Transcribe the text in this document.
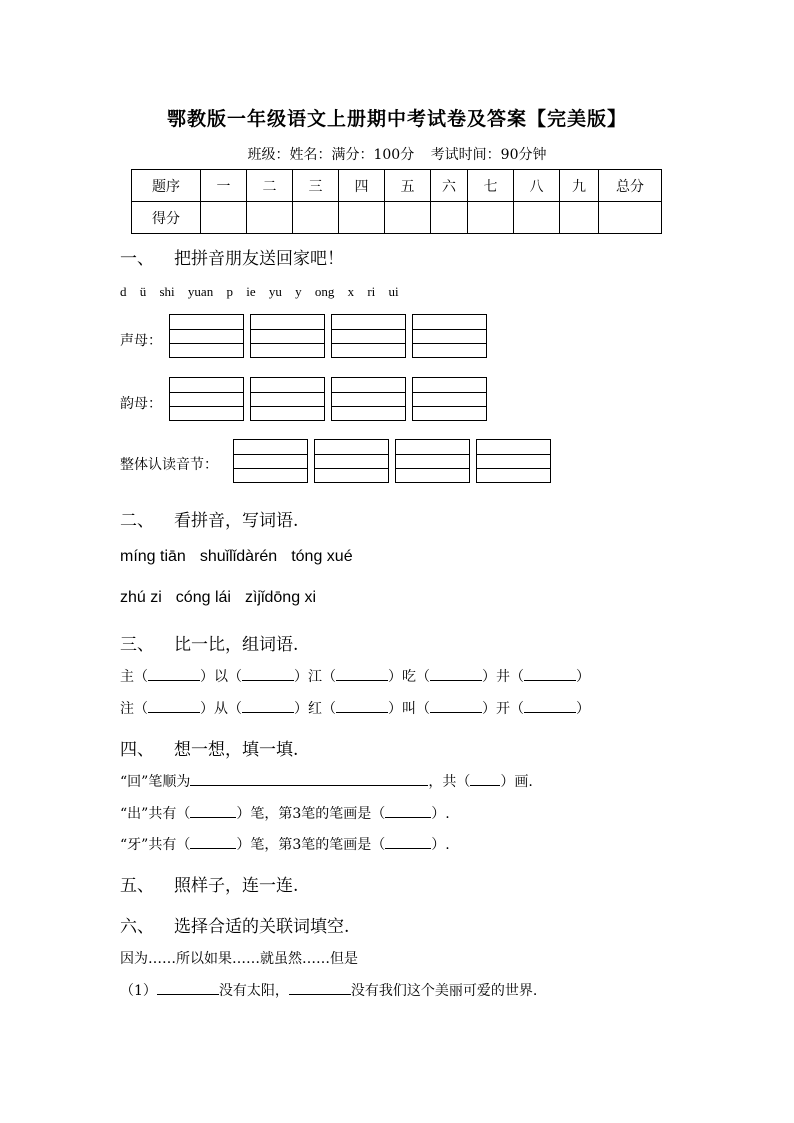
鄂教版一年级语文上册期中考试卷及答案【完美版】
班级：姓名：满分：100分 考试时间：90分钟
题序	一	二	三	四	五	六	七	八	九	总分
得分										
一、 把拼音朋友送回家吧！
d ü shi yuan p ie yu y ong x ri ui
声母：
韵母：
整体认读音节：
二、 看拼音，写词语.
míng tiān shuǐlǐdàrén tóng xué
zhú zi cóng lái zìjǐdōng xi
三、 比一比，组词语.
主（	）以（	）江（	）吃（	）井（	）
注（	）从（	）红（	）叫（	）开（	）
四、 想一想，填一填.
“回”笔顺为	，共（ ）画.
“出”共有（	）笔，第3笔的笔画是（	）.
“牙”共有（	）笔，第3笔的笔画是（	）.
五、 照样子，连一连.
六、 选择合适的关联词填空.
因为……所以如果……就虽然……但是
（1）	没有太阳，	没有我们这个美丽可爱的世界.
